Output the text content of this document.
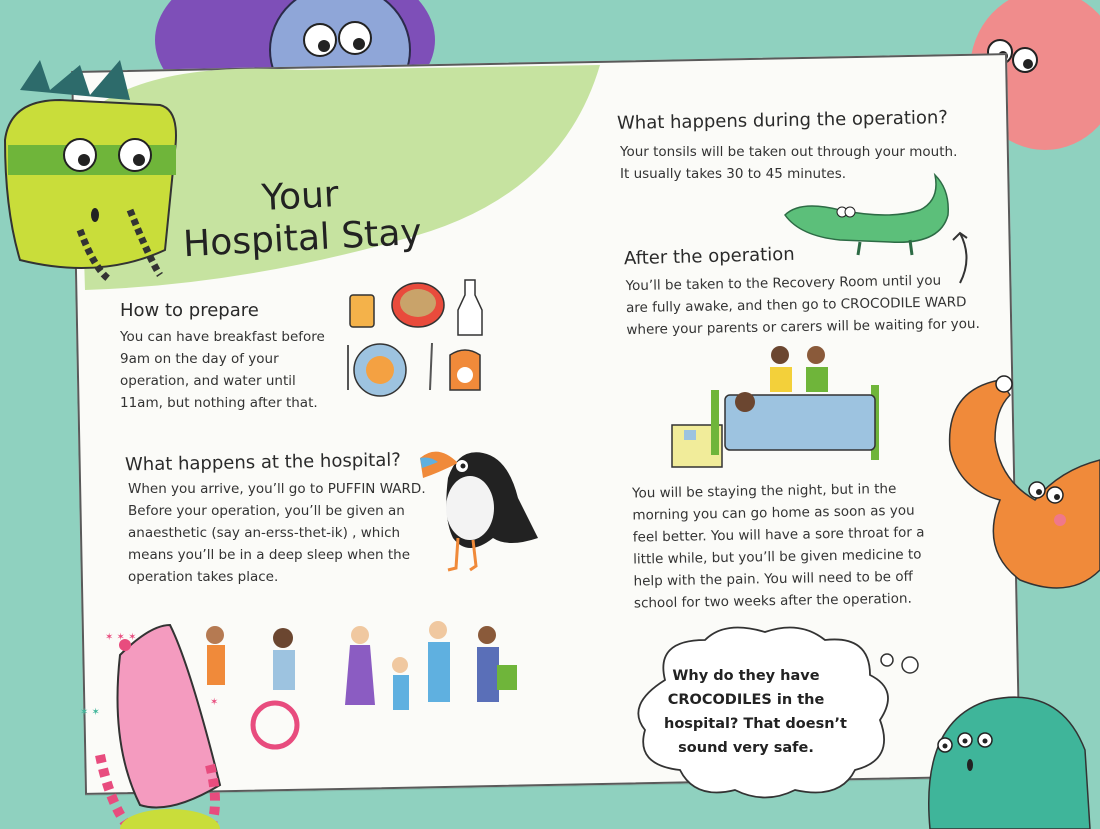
Your
Hospital Stay
How to prepare
You can have breakfast before
9am on the day of your
operation, and water until
11am, but nothing after that.
What happens at the hospital?
When you arrive, you’ll go to PUFFIN WARD.
Before your operation, you’ll be given an
anaesthetic (say an-erss-thet-ik) , which
means you’ll be in a deep sleep when the
operation takes place.
✶ ✶ ✶
✶ ✶
✶
What happens during the operation?
Your tonsils will be taken out through your mouth.
It usually takes 30 to 45 minutes.
After the operation
You’ll be taken to the Recovery Room until you
are fully awake, and then go to CROCODILE WARD
where your parents or carers will be waiting for you.
You will be staying the night, but in the
morning you can go home as soon as you
feel better. You will have a sore throat for a
little while, but you’ll be given medicine to
help with the pain. You will need to be off
school for two weeks after the operation.
Why do they have
CROCODILES in the
hospital? That doesn’t
sound very safe.
